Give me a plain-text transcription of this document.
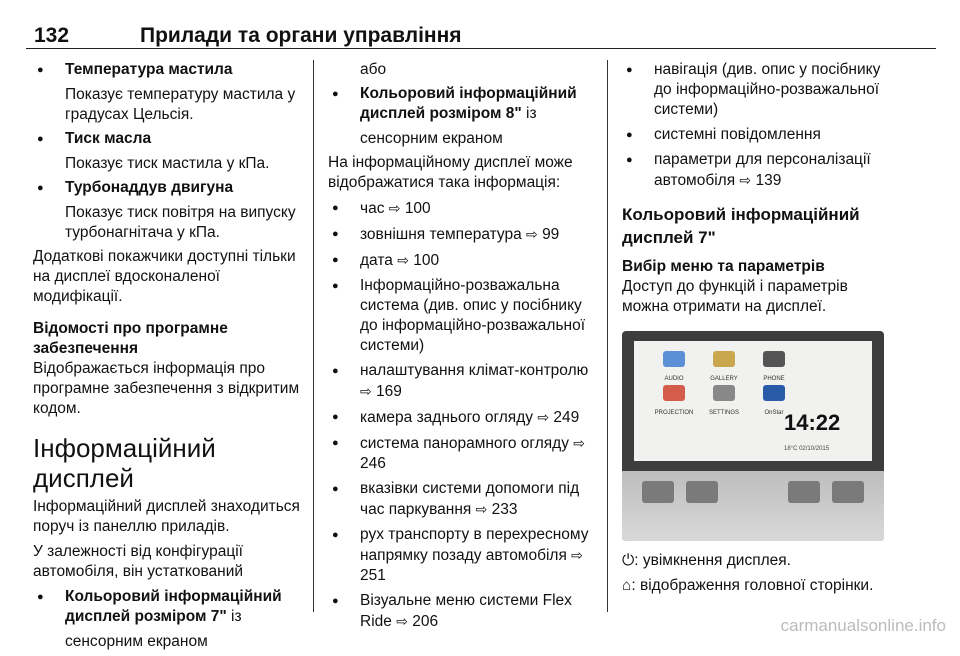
132	Прилади та органи управління
● Температура мастила
Показує температуру мастила у градусах Цельсія.
● Тиск масла
Показує тиск мастила у кПа.
● Турбонаддув двигуна
Показує тиск повітря на випуску турбонагнітача у кПа.
Додаткові покажчики доступні тільки на дисплеї вдосконаленої модифікації.
Відомості про програмне забезпечення
Відображається інформація про програмне забезпечення з відкритим кодом.
Інформаційний дисплей
Інформаційний дисплей знаходиться поруч із панеллю приладів.
У залежності від конфігурації автомобіля, він устаткований
● Кольоровий інформаційний дисплей розміром 7" із
сенсорним екраном
або
● Кольоровий інформаційний дисплей розміром 8" із
сенсорним екраном
На інформаційному дисплеї може відображатися така інформація:
● час ⇨ 100
● зовнішня температура ⇨ 99
● дата ⇨ 100
● Інформаційно-розважальна система (див. опис у посібнику до інформаційно-розважальної системи)
● налаштування клімат-контролю ⇨ 169
● камера заднього огляду ⇨ 249
● система панорамного огляду ⇨ 246
● вказівки системи допомоги під час паркування ⇨ 233
● рух транспорту в перехресному напрямку позаду автомобіля ⇨ 251
● Візуальне меню системи Flex Ride ⇨ 206
● навігація (див. опис у посібнику до інформаційно-розважальної системи)
● системні повідомлення
● параметри для персоналізації автомобіля ⇨ 139
Кольоровий інформаційний дисплей 7"
Вибір меню та параметрів
Доступ до функцій і параметрів можна отримати на дисплеї.
AUDIO	GALLERY	PHONE
PROJECTION	SETTINGS	OnStar 14:22
18°C 02/10/2015
⏻: увімкнення дисплея.
⌂: відображення головної сторінки.
carmanualsonline.info
